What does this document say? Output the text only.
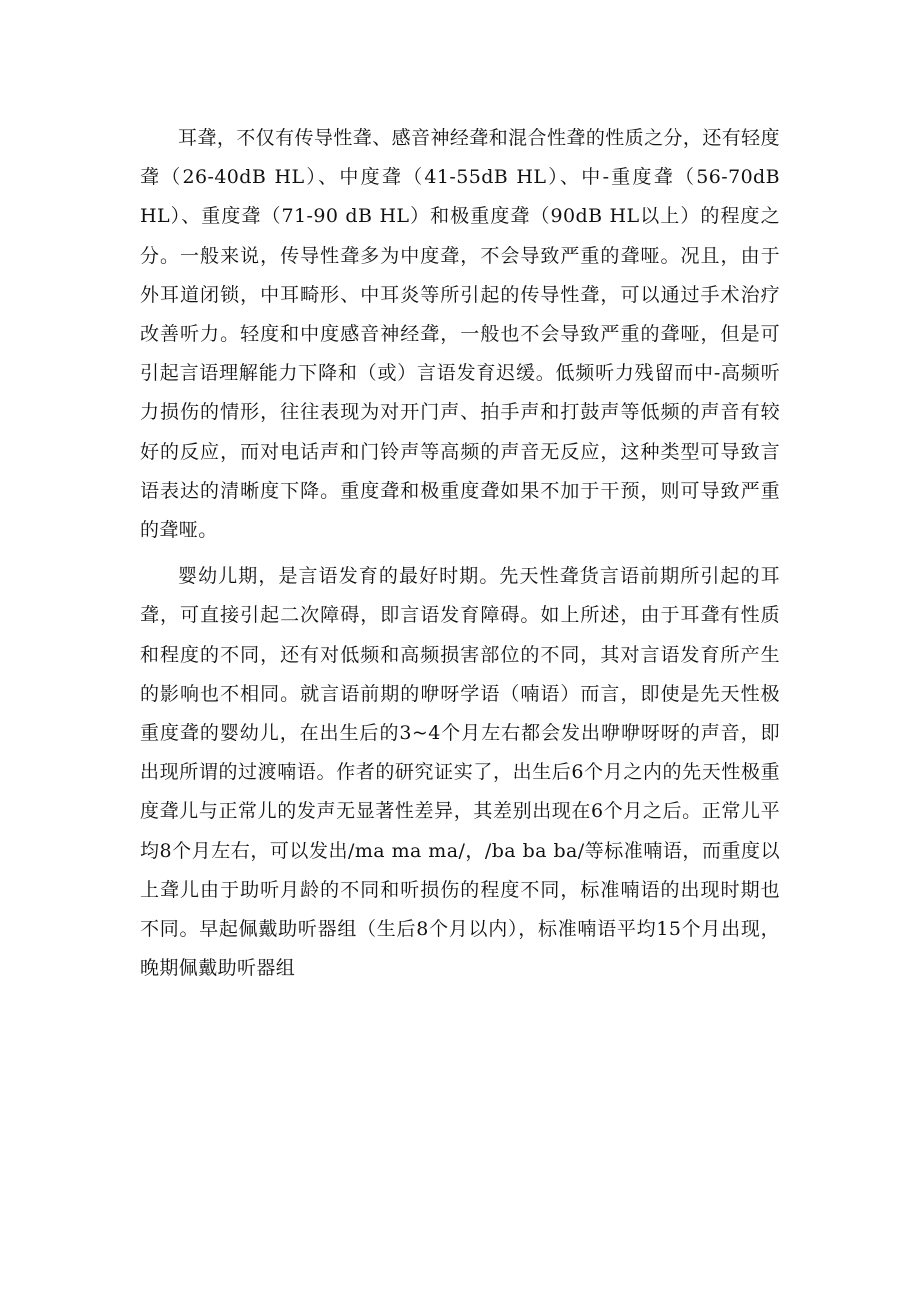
耳聋，不仅有传导性聋、感音神经聋和混合性聋的性质之分，还有轻度聋（26-40dB HL）、中度聋（41-55dB HL）、中-重度聋（56-70dB HL）、重度聋（71-90 dB HL）和极重度聋（90dB HL以上）的程度之分。一般来说，传导性聋多为中度聋，不会导致严重的聋哑。况且，由于外耳道闭锁，中耳畸形、中耳炎等所引起的传导性聋，可以通过手术治疗改善听力。轻度和中度感音神经聋，一般也不会导致严重的聋哑，但是可引起言语理解能力下降和（或）言语发育迟缓。低频听力残留而中-高频听力损伤的情形，往往表现为对开门声、拍手声和打鼓声等低频的声音有较好的反应，而对电话声和门铃声等高频的声音无反应，这种类型可导致言语表达的清晰度下降。重度聋和极重度聋如果不加于干预，则可导致严重的聋哑。

婴幼儿期，是言语发育的最好时期。先天性聋货言语前期所引起的耳聋，可直接引起二次障碍，即言语发育障碍。如上所述，由于耳聋有性质和程度的不同，还有对低频和高频损害部位的不同，其对言语发育所产生的影响也不相同。就言语前期的咿呀学语（喃语）而言，即使是先天性极重度聋的婴幼儿，在出生后的3~4个月左右都会发出咿咿呀呀的声音，即出现所谓的过渡喃语。作者的研究证实了，出生后6个月之内的先天性极重度聋儿与正常儿的发声无显著性差异，其差别出现在6个月之后。正常儿平均8个月左右，可以发出/ma ma ma/，/ba ba ba/等标准喃语，而重度以上聋儿由于助听月龄的不同和听损伤的程度不同，标准喃语的出现时期也不同。早起佩戴助听器组（生后8个月以内），标准喃语平均15个月出现，晚期佩戴助听器组
